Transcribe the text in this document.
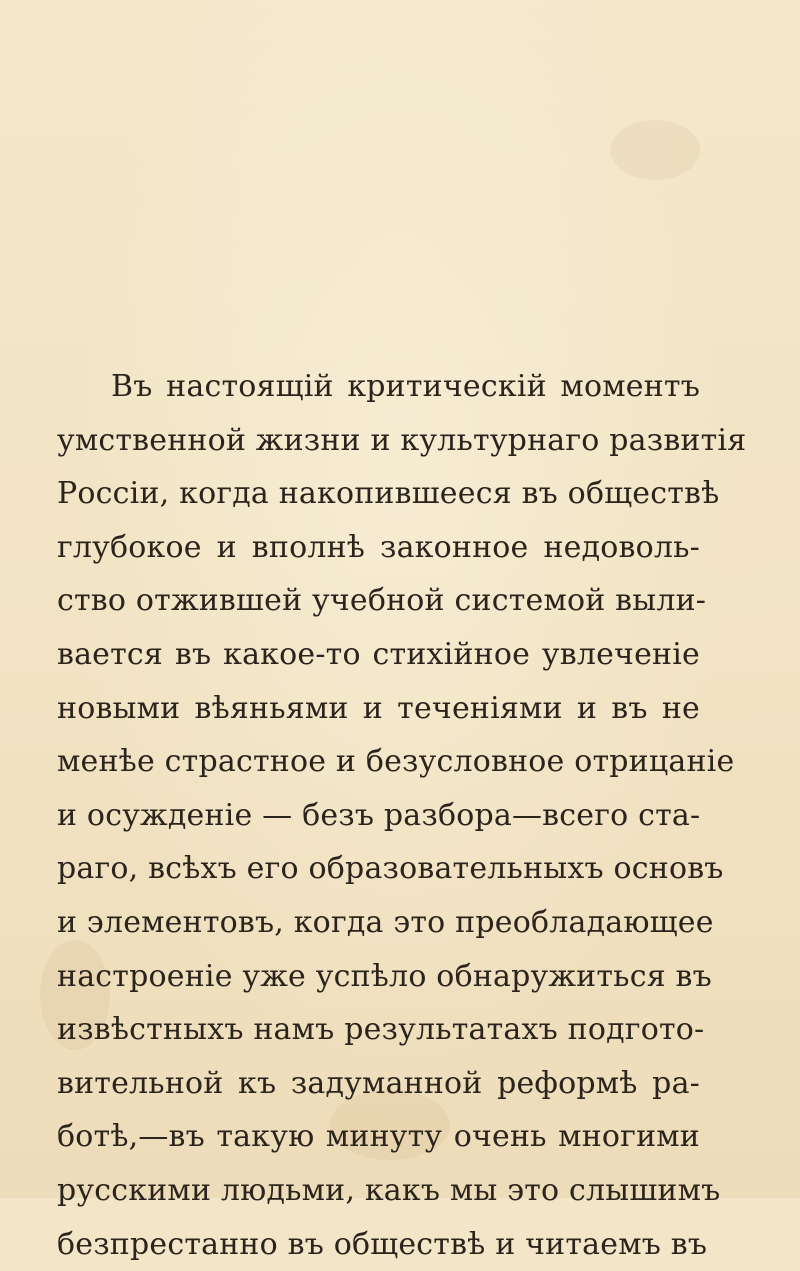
Въ настоящій критическій моментъ
умственной жизни и культурнаго развитія
Россіи, когда накопившееся въ обществѣ
глубокое и вполнѣ законное недоволь-
ство отжившей учебной системой выли-
вается въ какое-то стихійное увлеченіе
новыми вѣяньями и теченіями и въ не
менѣе страстное и безусловное отрицаніе
и осужденіе — безъ разбора—всего ста-
раго, всѣхъ его образовательныхъ основъ
и элементовъ, когда это преобладающее
настроеніе уже успѣло обнаружиться въ
извѣстныхъ намъ результатахъ подгото-
вительной къ задуманной реформѣ ра-
ботѣ,—въ такую минуту очень многими
русскими людьми, какъ мы это слышимъ
безпрестанно въ обществѣ и читаемъ въ
